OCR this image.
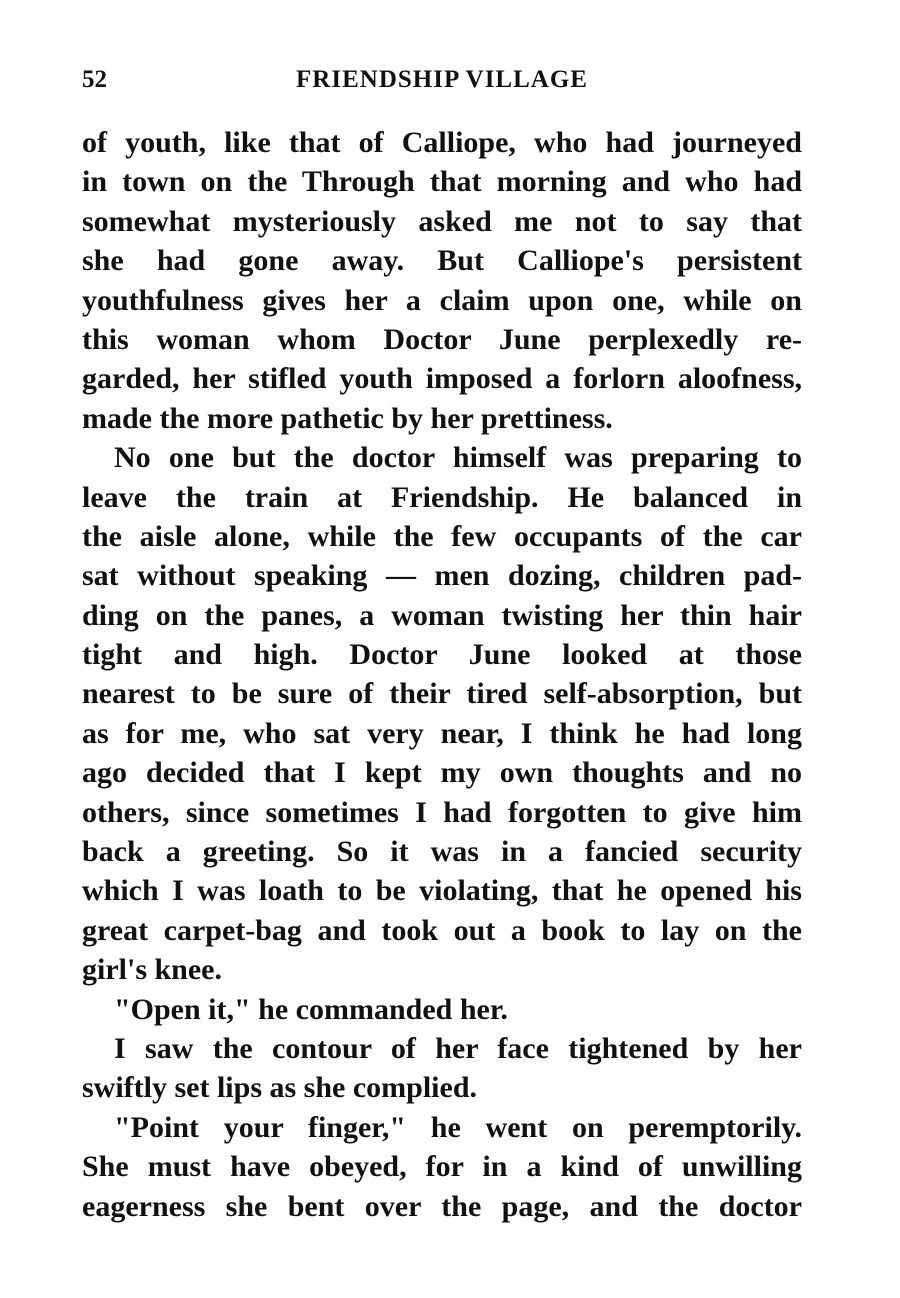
52	FRIENDSHIP VILLAGE
of youth, like that of Calliope, who had journeyed
in town on the Through that morning and who had
somewhat mysteriously asked me not to say that
she had gone away. But Calliope's persistent
youthfulness gives her a claim upon one, while on
this woman whom Doctor June perplexedly re-
garded, her stifled youth imposed a forlorn aloofness,
made the more pathetic by her prettiness.
No one but the doctor himself was preparing to
leave the train at Friendship. He balanced in
the aisle alone, while the few occupants of the car
sat without speaking — men dozing, children pad-
ding on the panes, a woman twisting her thin hair
tight and high. Doctor June looked at those
nearest to be sure of their tired self-absorption, but
as for me, who sat very near, I think he had long
ago decided that I kept my own thoughts and no
others, since sometimes I had forgotten to give him
back a greeting. So it was in a fancied security
which I was loath to be violating, that he opened his
great carpet-bag and took out a book to lay on the
girl's knee.
"Open it," he commanded her.
I saw the contour of her face tightened by her
swiftly set lips as she complied.
"Point your finger," he went on peremptorily.
She must have obeyed, for in a kind of unwilling
eagerness she bent over the page, and the doctor
